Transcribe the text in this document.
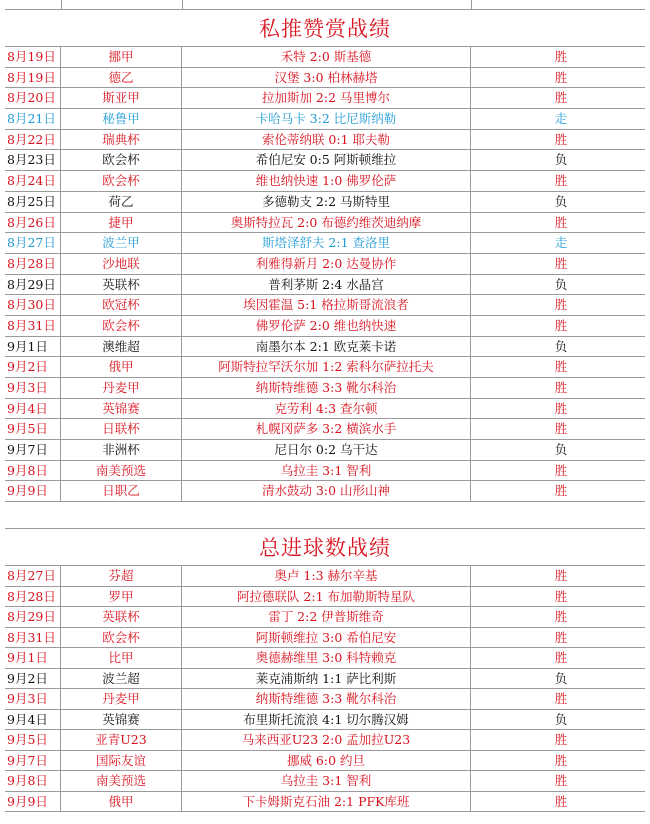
私推赞赏战绩
8月19日	挪甲	禾特 2:0 斯基德	胜
8月19日	德乙	汉堡 3:0 柏林赫塔	胜
8月20日	斯亚甲	拉加斯加 2:2 马里博尔	胜
8月21日	秘鲁甲	卡哈马卡 3:2 比尼斯纳勒	走
8月22日	瑞典杯	索伦蒂纳联 0:1 耶夫勒	胜
8月23日	欧会杯	希伯尼安 0:5 阿斯顿维拉	负
8月24日	欧会杯	维也纳快速 1:0 佛罗伦萨	胜
8月25日	荷乙	多德勒支 2:2 马斯特里	负
8月26日	捷甲	奥斯特拉瓦 2:0 布德约维茨迪纳摩	胜
8月27日	波兰甲	斯塔泽舒夫 2:1 查洛里	走
8月28日	沙地联	利雅得新月 2:0 达曼协作	胜
8月29日	英联杯	普利茅斯 2:4 水晶宫	负
8月30日	欧冠杯	埃因霍温 5:1 格拉斯哥流浪者	胜
8月31日	欧会杯	佛罗伦萨 2:0 维也纳快速	胜
9月1日	澳维超	南墨尔本 2:1 欧克莱卡诺	负
9月2日	俄甲	阿斯特拉罕沃尔加 1:2 索科尔萨拉托夫	胜
9月3日	丹麦甲	纳斯特维德 3:3 靴尔科治	胜
9月4日	英锦赛	克劳利 4:3 查尔顿	胜
9月5日	日联杯	札幌冈萨多 3:2 横滨水手	胜
9月7日	非洲杯	尼日尔 0:2 乌干达	负
9月8日	南美预选	乌拉圭 3:1 智利	胜
9月9日	日职乙	清水鼓动 3:0 山形山神	胜
总进球数战绩
8月27日	芬超	奥卢 1:3 赫尔辛基	胜
8月28日	罗甲	阿拉德联队 2:1 布加勒斯特星队	胜
8月29日	英联杯	雷丁 2:2 伊普斯维奇	胜
8月31日	欧会杯	阿斯顿维拉 3:0 希伯尼安	胜
9月1日	比甲	奥德赫维里 3:0 科特赖克	胜
9月2日	波兰超	莱克浦斯纳 1:1 萨比利斯	负
9月3日	丹麦甲	纳斯特维德 3:3 靴尔科治	胜
9月4日	英锦赛	布里斯托流浪 4:1 切尔腾汉姆	负
9月5日	亚青U23	马来西亚U23 2:0 孟加拉U23	胜
9月7日	国际友谊	挪威 6:0 约旦	胜
9月8日	南美预选	乌拉圭 3:1 智利	胜
9月9日	俄甲	下卡姆斯克石油 2:1 PFK库班	胜
